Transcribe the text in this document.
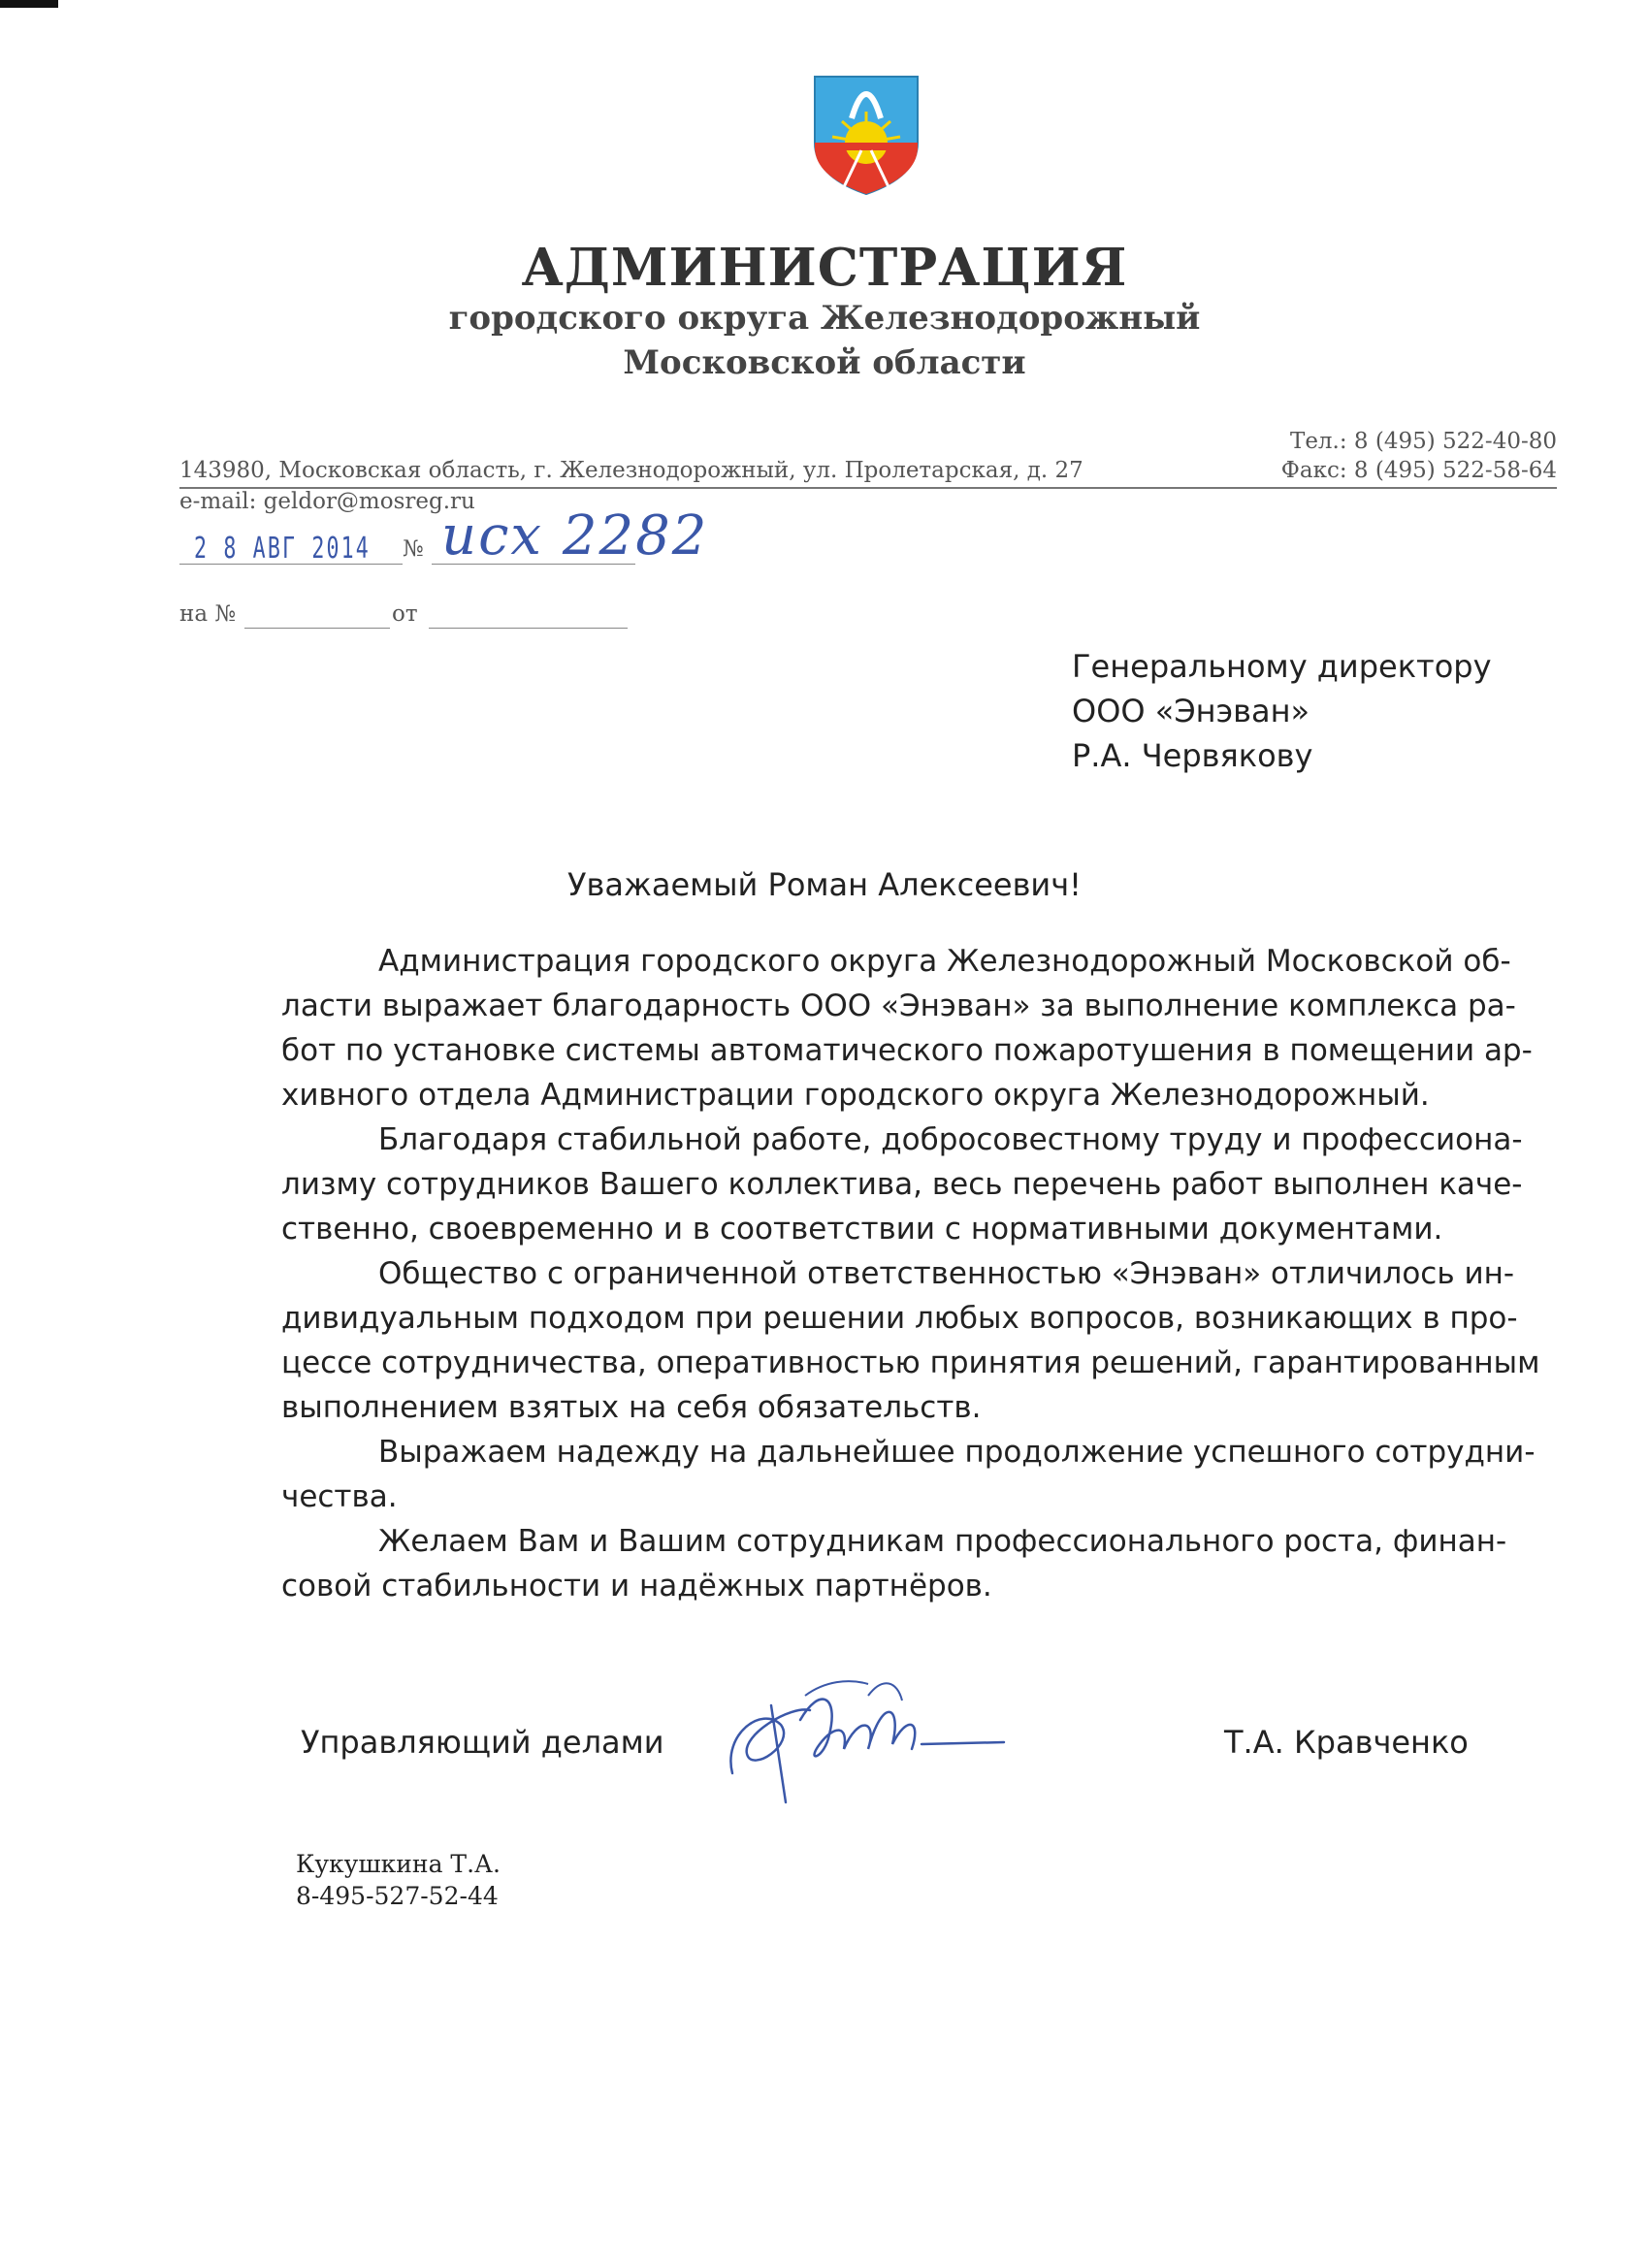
АДМИНИСТРАЦИЯ
городского округа Железнодорожный
Московской области
Тел.: 8 (495) 522-40-80
Факс: 8 (495) 522-58-64
143980, Московская область, г. Железнодорожный, ул. Пролетарская, д. 27
e-mail: geldor@mosreg.ru
2 8 АВГ 2014 № исх 2282
на №	от
Генеральному директору
ООО «Энэван»
Р.А. Червякову
Уважаемый Роман Алексеевич!
Администрация городского округа Железнодорожный Московской об-
ласти выражает благодарность ООО «Энэван» за выполнение комплекса ра-
бот по установке системы автоматического пожаротушения в помещении ар-
хивного отдела Администрации городского округа Железнодорожный.
Благодаря стабильной работе, добросовестному труду и профессиона-
лизму сотрудников Вашего коллектива, весь перечень работ выполнен каче-
ственно, своевременно и в соответствии с нормативными документами.
Общество с ограниченной ответственностью «Энэван» отличилось ин-
дивидуальным подходом при решении любых вопросов, возникающих в про-
цессе сотрудничества, оперативностью принятия решений, гарантированным
выполнением взятых на себя обязательств.
Выражаем надежду на дальнейшее продолжение успешного сотрудни-
чества.
Желаем Вам и Вашим сотрудникам профессионального роста, финан-
совой стабильности и надёжных партнёров.
Управляющий делами	Т.А. Кравченко
Кукушкина Т.А.
8-495-527-52-44
